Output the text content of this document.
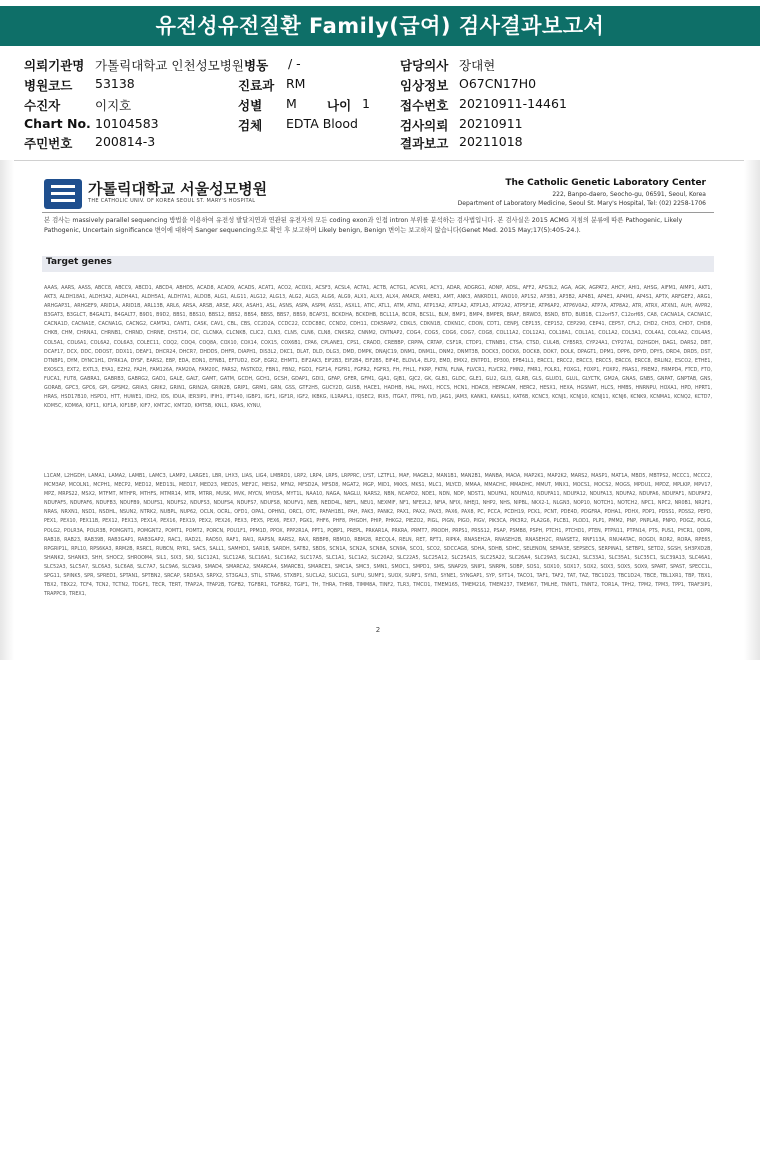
유전성유전질환 Family(급여) 검사결과보고서
의뢰기관명 가톨릭대학교 인천성모병원 병동 / -	담당의사 장대현
병원코드 53138	진료과 RM	임상정보 O67CN17H0
수진자	이지호	성별 M 나이 1 접수번호 20210911-14461
Chart No. 10104583	검체 EDTA Blood	검사의뢰 20210911
주민번호 200814-3	결과보고 20211018
가톨릭대학교 서울성모병원
THE CATHOLIC UNIV. OF KOREA SEOUL ST. MARY'S HOSPITAL
The Catholic Genetic Laboratory Center
222, Banpo-daero, Seocho-gu, 06591, Seoul, Korea
Department of Laboratory Medicine, Seoul St. Mary's Hospital, Tel: (02) 2258-1706
본 검사는 massively parallel sequencing 방법을 이용하여 유전성 발달지연과 연관된 유전자의 모든 coding exon과 인접 intron 부위를 분석하는 검사법입니다. 본 검사실은 2015 ACMG 지침의 분류에 따른 Pathogenic, Likely Pathogenic, Uncertain significance 변이에 대하여 Sanger sequencing으로 확인 후 보고하며 Likely benign, Benign 변이는 보고하지 않습니다(Genet Med. 2015 May;17(5):405-24.).
Target genes
AAAS, AARS, AASS, ABCC8, ABCC9, ABCD1, ABCD4, ABHD5, ACAD8, ACAD9, ACADS, ACAT1, ACO2, ACOX1, ACSF3, ACSL4, ACTA1, ACTB, ACTG1, ACVR1, ACY1, ADAR, ADGRG1, ADNP, ADSL, AFF2, AFG3L2, AGA, AGK, AGPAT2, AHCY, AHI1, AHSG, AIFM1, AIMP1, AKT1, AKT3, ALDH18A1, ALDH3A2, ALDH4A1, ALDH5A1, ALDH7A1, ALDOB, ALG1, ALG11, ALG12, ALG13, ALG2, ALG3, ALG6, ALG9, ALX1, ALX3, ALX4, AMACR, AMER1, AMT, ANK3, ANKRD11, ANO10, AP1S2, AP3B1, AP3B2, AP4B1, AP4E1, AP4M1, AP4S1, APTX, ARFGEF2, ARG1, ARHGAP31, ARHGEF9, ARID1A, ARID1B, ARL13B, ARL6, ARSA, ARSB, ARSE, ARX, ASAH1, ASL, ASNS, ASPA, ASPM, ASS1, ASXL1, ATIC, ATL1, ATM, ATN1, ATP13A2, ATP1A2, ATP1A3, ATP2A2, ATP5F1E, ATP6AP2, ATP6V0A2, ATP7A, ATP8A2, ATR, ATRX, ATXN1, AUH, AVPR2, B3GAT3, B3GLCT, B4GALT1, B4GALT7, B9D1, B9D2, BBS1, BBS10, BBS12, BBS2, BBS4, BBS5, BBS7, BBS9, BCAP31, BCKDHA, BCKDHB, BCL11A, BCOR, BCS1L, BLM, BMP1, BMP4, BMPER, BRAF, BRWD3, BSND, BTD, BUB1B, C12orf57, C12orf65, CA8, CACNA1A, CACNA1C, CACNA1D, CACNA1E, CACNA1G, CACNG2, CAMTA1, CANT1, CASK, CAV1, CBL, CBS, CC2D2A, CCDC22, CCDC88C, CCND2, CDH11, CDK5RAP2, CDKL5, CDKN1B, CDKN1C, CDON, CDT1, CENPJ, CEP135, CEP152, CEP290, CEP41, CEP57, CFL2, CHD2, CHD3, CHD7, CHD8, CHKB, CHM, CHRNA1, CHRNB1, CHRND, CHRNE, CHST14, CIC, CLCNKA, CLCNKB, CLIC2, CLN3, CLN5, CLN6, CLN8, CNKSR2, CNNM2, CNTNAP2, COG4, COG5, COG6, COG7, COG8, COL11A2, COL12A1, COL18A1, COL1A1, COL1A2, COL3A1, COL4A1, COL4A2, COL4A5, COL5A1, COL6A1, COL6A2, COL6A3, COLEC11, COQ2, COQ4, COQ8A, COX10, COX14, COX15, COX6B1, CPA6, CPLANE1, CPS1, CRADD, CREBBP, CRPPA, CRTAP, CSF1R, CTDP1, CTNNB1, CTSA, CTSD, CUL4B, CYB5R3, CYP24A1, CYP27A1, D2HGDH, DAG1, DARS2, DBT, DCAF17, DCX, DDC, DDOST, DDX11, DEAF1, DHCR24, DHCR7, DHDDS, DHFR, DIAPH1, DIS3L2, DKC1, DLAT, DLD, DLG3, DMD, DMPK, DNAJC19, DNM1, DNM1L, DNM2, DNMT3B, DOCK3, DOCK6, DOCK8, DOK7, DOLK, DPAGT1, DPM1, DPP6, DPYD, DPYS, DRD4, DRD5, DST, DTNBP1, DYM, DYNC1H1, DYRK1A, DYSF, EARS2, EBP, EDA, EDN1, EFNB1, EFTUD2, EGF, EGR2, EHMT1, EIF2AK3, EIF2B3, EIF2B4, EIF2B5, EIF4E, ELOVL4, ELP2, EMD, EMX2, ENTPD1, EP300, EPB41L1, ERCC1, ERCC2, ERCC3, ERCC5, ERCC6, ERCC8, ERLIN2, ESCO2, ETHE1, EXOSC3, EXT2, EXTL3, EYA1, EZH2, FA2H, FAM126A, FAM20A, FAM20C, FARS2, FASTKD2, FBN1, FBN2, FGD1, FGF14, FGFR1, FGFR2, FGFR3, FH, FHL1, FKRP, FKTN, FLNA, FLVCR1, FLVCR2, FMN2, FMR1, FOLR1, FOXG1, FOXP1, FOXP2, FRAS1, FREM2, FRMPD4, FTCD, FTO, FUCA1, FUT8, GABRA1, GABRB3, GABRG2, GAD1, GALE, GALT, GAMT, GATM, GCDH, GCH1, GCSH, GDAP1, GDI1, GFAP, GFER, GFM1, GJA1, GJB1, GJC2, GK, GLB1, GLDC, GLE1, GLI2, GLI3, GLRB, GLS, GLUD1, GLUL, GLYCTK, GM2A, GNAS, GNB5, GNPAT, GNPTAB, GNS, GORAB, GPC3, GPC6, GPI, GPSM2, GRIA3, GRIK2, GRIN1, GRIN2A, GRIN2B, GRIP1, GRM1, GRN, GSS, GTF2H5, GUCY2D, GUSB, HACE1, HADHB, HAL, HAX1, HCCS, HCN1, HDAC8, HEPACAM, HERC2, HESX1, HEXA, HGSNAT, HLCS, HMBS, HNRNPU, HOXA1, HPD, HPRT1, HRAS, HSD17B10, HSPD1, HTT, HUWE1, IDH2, IDS, IDUA, IER3IP1, IFIH1, IFT140, IGBP1, IGF1, IGF1R, IGF2, IKBKG, IL1RAPL1, IQSEC2, IRX5, ITGA7, ITPR1, IVD, JAG1, JAM3, KANK1, KANSL1, KAT6B, KCNC3, KCNJ1, KCNJ10, KCNJ11, KCNJ6, KCNK9, KCNMA1, KCNQ2, KCTD7, KDM5C, KDM6A, KIF11, KIF1A, KIF1BP, KIF7, KMT2C, KMT2D, KMT5B, KNL1, KRAS, KYNU,
L1CAM, L2HGDH, LAMA1, LAMA2, LAMB1, LAMC3, LAMP2, LARGE1, LBR, LHX3, LIAS, LIG4, LMBRD1, LRP2, LRP4, LRPS, LRPPRC, LYST, LZTFL1, MAF, MAGEL2, MAN1B1, MAN2B1, MANBA, MAOA, MAP2K1, MAP2K2, MARS2, MASP1, MAT1A, MBD5, MBTPS2, MCCC1, MCCC2, MCM3AP, MCOLN1, MCPH1, MECP2, MED12, MED13L, MED17, MED23, MED25, MEF2C, MEIS2, MFN2, MFSD2A, MFSD8, MGAT2, MGP, MID1, MKKS, MKS1, MLC1, MLYCD, MMAA, MMACHC, MMADHC, MMUT, MNX1, MOCS1, MOCS2, MOGS, MPDU1, MPDZ, MPLKIP, MPV17, MPZ, MRPS22, MSX2, MTFMT, MTHFR, MTHFS, MTMR14, MTR, MTRR, MUSK, MVK, MYCN, MYO5A, MYT1L, NAA10, NAGA, NAGLU, NARS2, NBN, NCAPD2, NDE1, NDN, NDP, NDST1, NDUFA1, NDUFA10, NDUFA11, NDUFA12, NDUFA13, NDUFA2, NDUFA6, NDUFAF1, NDUFAF2, NDUFAF5, NDUFAF6, NDUFB3, NDUFB9, NDUFS1, NDUFS2, NDUFS3, NDUFS4, NDUFS7, NDUFS8, NDUFV1, NEB, NEDD4L, NEFL, NEU1, NEXMIF, NF1, NFE2L2, NFIA, NFIX, NHEJ1, NHP2, NHS, NIPBL, NKX2-1, NLGN3, NOP10, NOTCH1, NOTCH2, NPC1, NPC2, NR0B1, NR2F1, NRAS, NRXN1, NSD1, NSDHL, NSUN2, NTRK2, NUBPL, NUP62, OCLN, OCRL, OFD1, OPA1, OPHN1, ORC1, OTC, PAFAH1B1, PAH, PAK3, PANK2, PAX1, PAX2, PAX3, PAX6, PAX8, PC, PCCA, PCDH19, PCK1, PCNT, PDE4D, PDGFRA, PDHA1, PDHX, PDP1, PDSS1, PDSS2, PEPD, PEX1, PEX10, PEX11B, PEX12, PEX13, PEX14, PEX16, PEX19, PEX2, PEX26, PEX3, PEX5, PEX6, PEX7, PGK1, PHF6, PHF8, PHGDH, PHIP, PHKG2, PIEZO2, PIGL, PIGN, PIGO, PIGV, PIK3CA, PIK3R2, PLA2G6, PLCB1, PLOD1, PLP1, PMM2, PNP, PNPLA6, PNPO, POGZ, POLG, POLG2, POLR3A, POLR3B, POMGNT1, POMGNT2, POMT1, POMT2, PORCN, POU1F1, PPM1D, PPOX, PPP2R1A, PPT1, PQBP1, PREPL, PRKAR1A, PRKRA, PRMT7, PRODH, PRPS1, PRSS12, PSAP, PSMB8, PSPH, PTCH1, PTCHD1, PTEN, PTPN11, PTPN14, PTS, PUS1, PYCR1, QDPR, RAB18, RAB23, RAB39B, RAB3GAP1, RAB3GAP2, RAC1, RAD21, RAD50, RAF1, RAI1, RAPSN, RARS2, RAX, RBBP8, RBM10, RBM28, RECQL4, RELN, RET, RFT1, RIPK4, RNASEH2A, RNASEH2B, RNASEH2C, RNASET2, RNF113A, RNU4ATAC, ROGDI, ROR2, RORA, RPE65, RPGRIP1L, RPL10, RPS6KA3, RRM2B, RSRC1, RUBCN, RYR1, SACS, SALL1, SAMHD1, SAR1B, SARDH, SATB2, SBDS, SCN1A, SCN2A, SCN8A, SCN9A, SCO1, SCO2, SDCCAG8, SDHA, SDHB, SDHC, SELENON, SEMA3E, SEPSECS, SERPINA1, SETBP1, SETD2, SGSH, SH3PXD2B, SHANK2, SHANK3, SHH, SHOC2, SHROOM4, SIL1, SIX3, SKI, SLC12A1, SLC12A6, SLC16A1, SLC16A2, SLC17A5, SLC1A1, SLC1A2, SLC20A2, SLC22A5, SLC25A12, SLC25A15, SLC25A22, SLC26A4, SLC29A3, SLC2A1, SLC33A1, SLC35A1, SLC35C1, SLC39A13, SLC46A1, SLC52A3, SLC5A7, SLC6A3, SLC6A8, SLC7A7, SLC9A6, SLC9A9, SMAD4, SMARCA2, SMARCA4, SMARCB1, SMARCE1, SMC1A, SMC3, SMN1, SMOC1, SMPD1, SMS, SNAP29, SNIP1, SNRPN, SOBP, SOS1, SOX10, SOX17, SOX2, SOX3, SOX5, SOX9, SPART, SPAST, SPECC1L, SPG11, SPINK5, SPR, SPRED1, SPTAN1, SPTBN2, SRCAP, SRD5A3, SRPX2, ST3GAL3, STIL, STRA6, STXBP1, SUCLA2, SUCLG1, SUFU, SUMF1, SUOX, SURF1, SYN1, SYNE1, SYNGAP1, SYP, SYT14, TACO1, TAF1, TAF2, TAT, TAZ, TBC1D23, TBC1D24, TBCE, TBL1XR1, TBP, TBX1, TBX2, TBX22, TCF4, TCN2, TCTN2, TDGF1, TECR, TERT, TFAP2A, TFAP2B, TGFB2, TGFBR1, TGFBR2, TGIF1, TH, THRA, THRB, TIMM8A, TINF2, TLR3, TMCO1, TMEM165, TMEM216, TMEM237, TMEM67, TMLHE, TNNT1, TNNT2, TOR1A, TPH2, TPM2, TPM3, TPP1, TRAF3IP1, TRAPPC9, TREX1,
2
